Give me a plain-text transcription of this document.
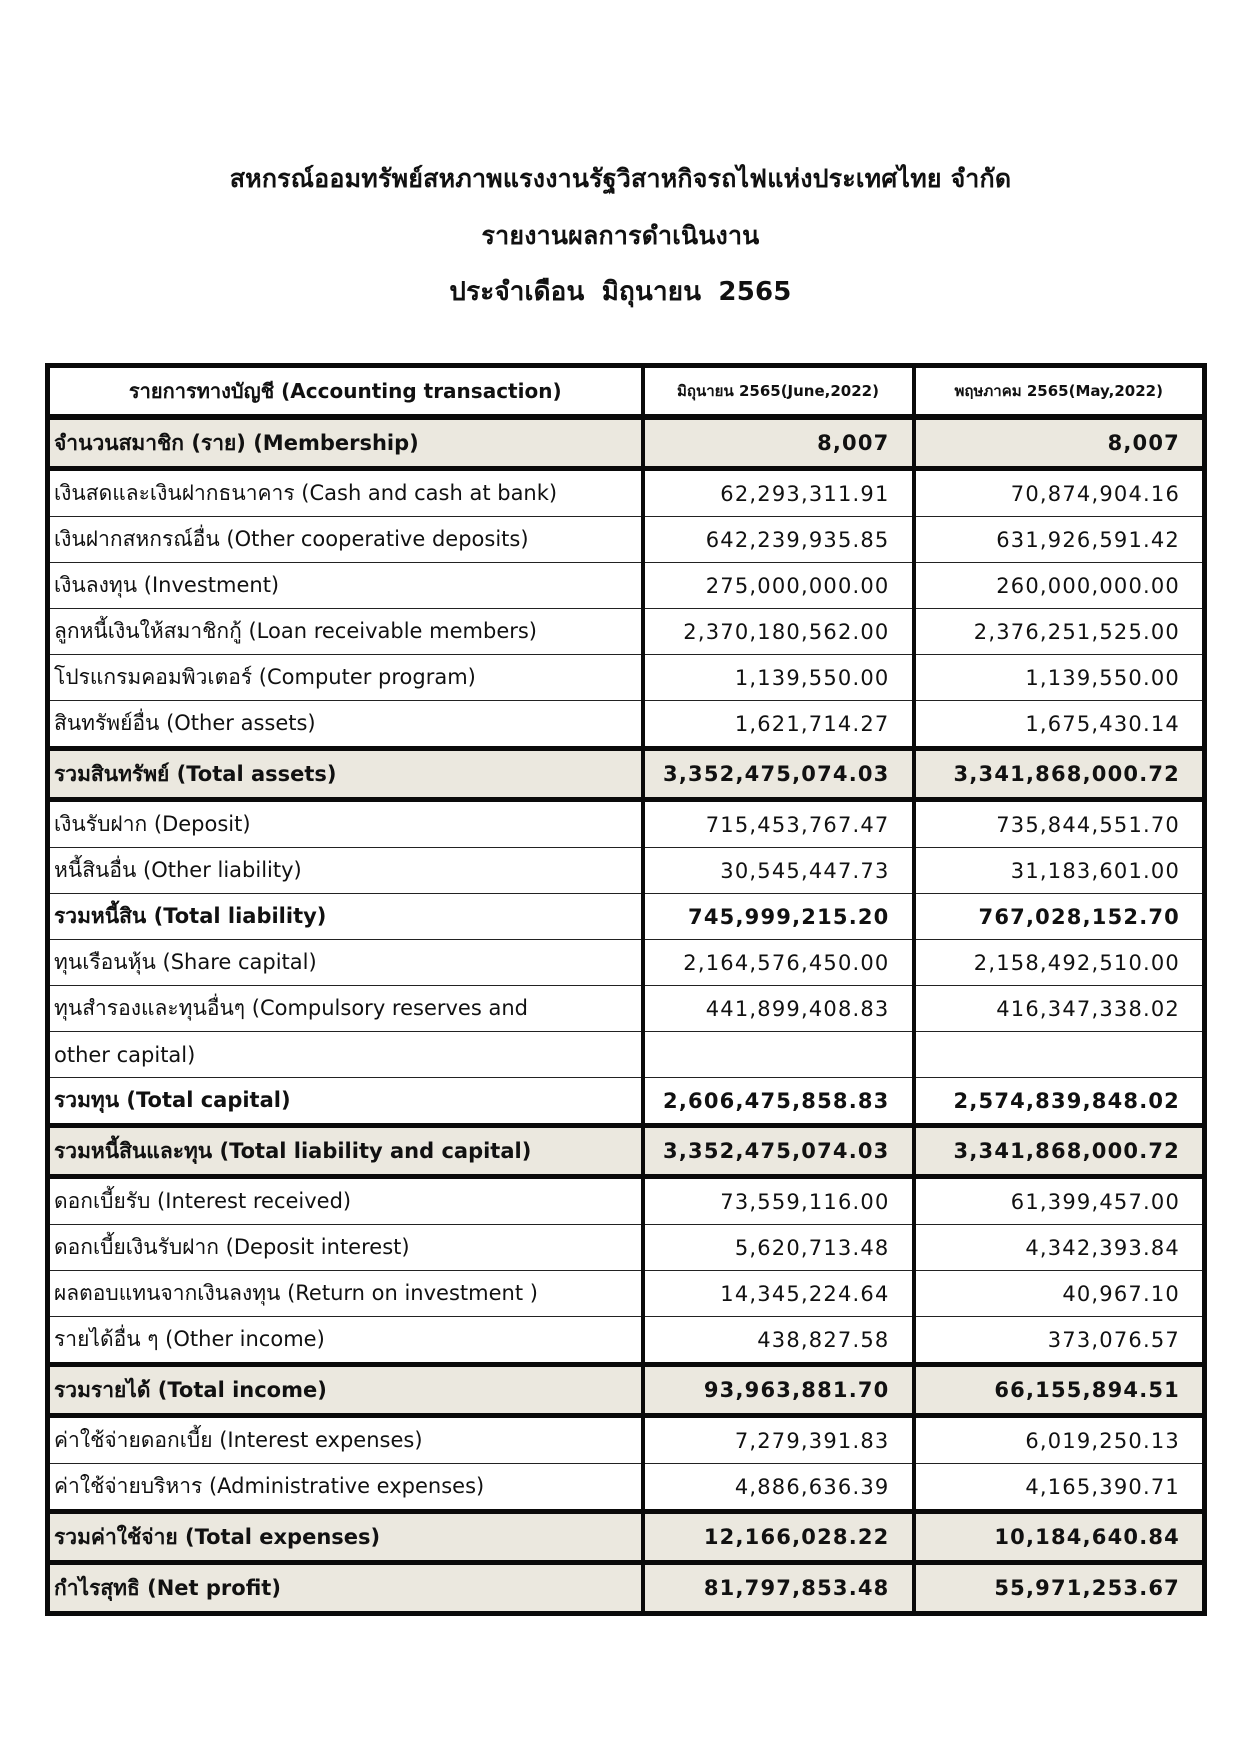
สหกรณ์ออมทรัพย์สหภาพแรงงานรัฐวิสาหกิจรถไฟแห่งประเทศไทย จำกัด
รายงานผลการดำเนินงาน
ประจำเดือน มิถุนายน 2565
รายการทางบัญชี (Accounting transaction)	มิถุนายน 2565(June,2022)	พฤษภาคม 2565(May,2022)
จำนวนสมาชิก (ราย) (Membership)	8,007	8,007
เงินสดและเงินฝากธนาคาร (Cash and cash at bank)	62,293,311.91	70,874,904.16
เงินฝากสหกรณ์อื่น (Other cooperative deposits)	642,239,935.85	631,926,591.42
เงินลงทุน (Investment)	275,000,000.00	260,000,000.00
ลูกหนี้เงินให้สมาชิกกู้ (Loan receivable members)	2,370,180,562.00	2,376,251,525.00
โปรแกรมคอมพิวเตอร์ (Computer program)	1,139,550.00	1,139,550.00
สินทรัพย์อื่น (Other assets)	1,621,714.27	1,675,430.14
รวมสินทรัพย์ (Total assets)	3,352,475,074.03	3,341,868,000.72
เงินรับฝาก (Deposit)	715,453,767.47	735,844,551.70
หนี้สินอื่น (Other liability)	30,545,447.73	31,183,601.00
รวมหนี้สิน (Total liability)	745,999,215.20	767,028,152.70
ทุนเรือนหุ้น (Share capital)	2,164,576,450.00	2,158,492,510.00
ทุนสำรองและทุนอื่นๆ (Compulsory reserves and	441,899,408.83	416,347,338.02
other capital)		
รวมทุน (Total capital)	2,606,475,858.83	2,574,839,848.02
รวมหนี้สินและทุน (Total liability and capital)	3,352,475,074.03	3,341,868,000.72
ดอกเบี้ยรับ (Interest received)	73,559,116.00	61,399,457.00
ดอกเบี้ยเงินรับฝาก (Deposit interest)	5,620,713.48	4,342,393.84
ผลตอบแทนจากเงินลงทุน (Return on investment )	14,345,224.64	40,967.10
รายได้อื่น ๆ (Other income)	438,827.58	373,076.57
รวมรายได้ (Total income)	93,963,881.70	66,155,894.51
ค่าใช้จ่ายดอกเบี้ย (Interest expenses)	7,279,391.83	6,019,250.13
ค่าใช้จ่ายบริหาร (Administrative expenses)	4,886,636.39	4,165,390.71
รวมค่าใช้จ่าย (Total expenses)	12,166,028.22	10,184,640.84
กำไรสุทธิ (Net profit)	81,797,853.48	55,971,253.67
